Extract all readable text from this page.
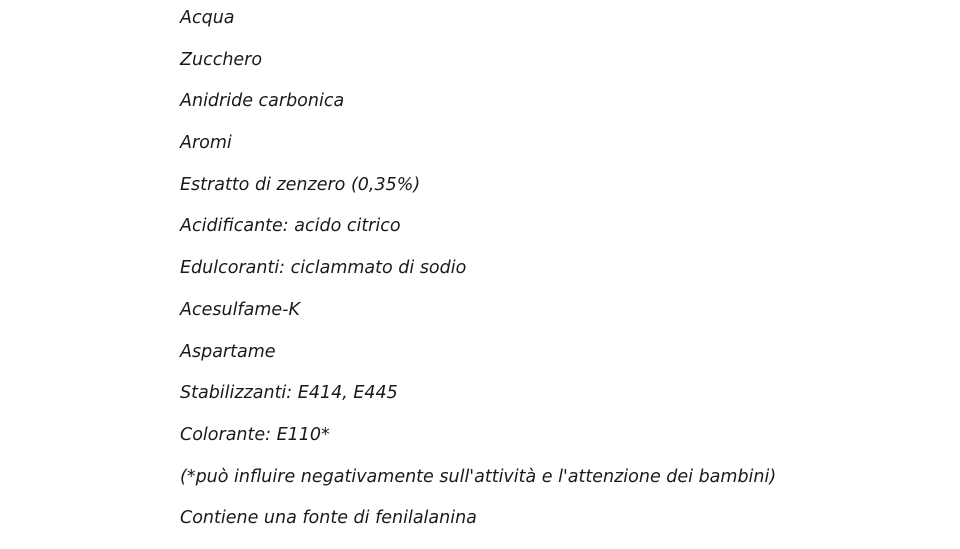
Acqua
Zucchero
Anidride carbonica
Aromi
Estratto di zenzero (0,35%)
Acidificante: acido citrico
Edulcoranti: ciclammato di sodio
Acesulfame-K
Aspartame
Stabilizzanti: E414, E445
Colorante: E110*
(*può influire negativamente sull'attività e l'attenzione dei bambini)
Contiene una fonte di fenilalanina
